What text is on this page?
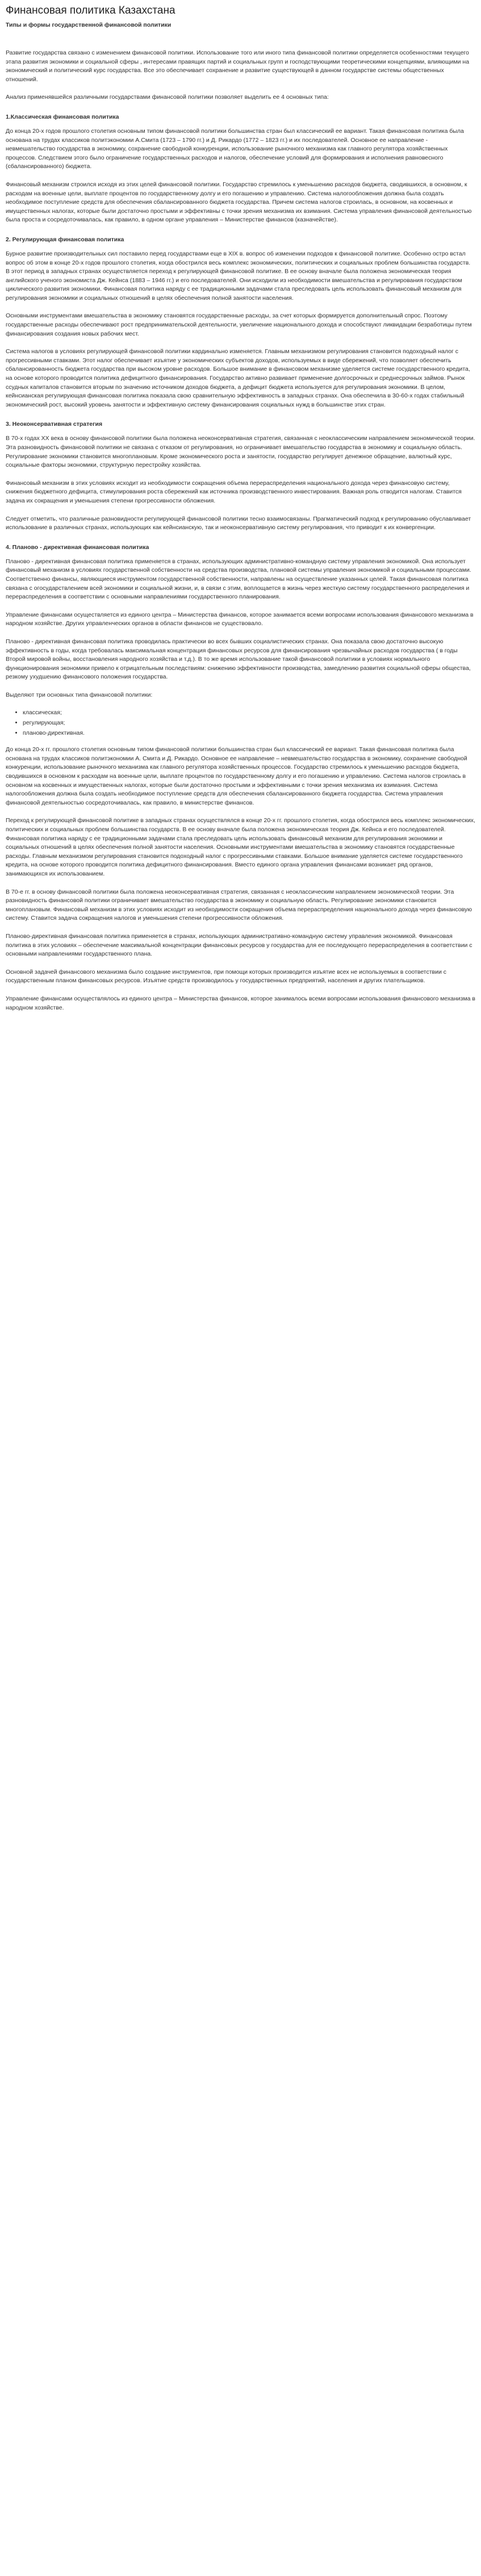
Финансовая политика Казахстана
Типы и формы государственной финансовой политики

Развитие государства связано с изменением финансовой политики. Использование того или иного типа финансовой политики определяется особенностями текущего этапа развития экономики и социальной сферы , интересами правящих партий и социальных групп и господствующими теоретическими концепциями, влияющими на экономический и политический курс государства. Все это обеспечивает сохранение и развитие существующей в данном государстве системы общественных отношений.

Анализ применявшейся различными государствами финансовой политики позволяет выделить ее 4 основных типа:

1.Классическая финансовая политика

До конца 20-х годов прошлого столетия основным типом финансовой политики большинства стран был классический ее вариант. Такая финансовая политика была основана на трудах классиков политэкономии А.Смита (1723 – 1790 гг.) и Д. Рикардо (1772 – 1823 гг.) и их последователей. Основное ее направление - невмешательство государства в экономику, сохранение свободной конкуренции, использование рыночного механизма как главного регулятора хозяйственных процессов. Следствием этого было ограничение государственных расходов и налогов, обеспечение условий для формирования и исполнения равновесного (сбалансированного) бюджета.

Финансовый механизм строился исходя из этих целей финансовой политики. Государство стремилось к уменьшению расходов бюджета, сводившихся, в основном, к расходам на военные цели, выплате процентов по государственному долгу и его погашению и управлению. Система налогообложения должна была создать необходимое поступление средств для обеспечения сбалансированного бюджета государства. Причем система налогов строилась, в основном, на косвенных и имущественных налогах, которые были достаточно простыми и эффективны с точки зрения механизма их взимания. Система управления финансовой деятельностью была проста и сосредоточивалась, как правило, в одном органе управления – Министерстве финансов (казначействе).

2. Регулирующая финансовая политика

Бурное развитие производительных сил поставило перед государствами еще в XIX в. вопрос об изменении подходов к финансовой политике. Особенно остро встал вопрос об этом в конце 20-х годов прошлого столетия, когда обострился весь комплекс экономических, политических и социальных проблем большинства государств. В этот период в западных странах осуществляется переход к регулирующей финансовой политике. В ее основу вначале была положена экономическая теория английского ученого экономиста Дж. Кейнса (1883 – 1946 гг.) и его последователей. Они исходили из необходимости вмешательства и регулирования государством циклического развития экономики. Финансовая политика наряду с ее традиционными задачами стала преследовать цель использовать финансовый механизм для регулирования экономики и социальных отношений в целях обеспечения полной занятости населения.

Основными инструментами вмешательства в экономику становятся государственные расходы, за счет которых формируется дополнительный спрос. Поэтому государственные расходы обеспечивают рост предпринимательской деятельности, увеличение национального дохода и способствуют ликвидации безработицы путем финансирования создания новых рабочих мест.

Система налогов в условиях регулирующей финансовой политики кардинально изменяется. Главным механизмом регулирования становится подоходный налог с прогрессивными ставками. Этот налог обеспечивает изъятие у экономических субъектов доходов, используемых в виде сбережений, что позволяет обеспечить сбалансированность бюджета государства при высоком уровне расходов. Большое внимание в финансовом механизме уделяется системе государственного кредита, на основе которого проводится политика дефицитного финансирования. Государство активно развивает применение долгосрочных и среднесрочных займов. Рынок ссудных капиталов становится вторым по значению источником доходов бюджета, а дефицит бюджета используется для регулирования экономики. В целом, кейнсианская регулирующая финансовая политика показала свою сравнительную эффективность в западных странах. Она обеспечила в 30-60-х годах стабильный экономический рост, высокий уровень занятости и эффективную систему финансирования социальных нужд в большинстве этих стран.

3. Неоконсервативная стратегия

В 70-х годах XX века в основу финансовой политики была положена неоконсервативная стратегия, связанная с неоклассическим направлением экономической теории. Эта разновидность финансовой политики не связана с отказом от регулирования, но ограничивает вмешательство государства в экономику и социальную область. Регулирование экономики становится многоплановым. Кроме экономического роста и занятости, государство регулирует денежное обращение, валютный курс, социальные факторы экономики, структурную перестройку хозяйства.

Финансовый механизм в этих условиях исходит из необходимости сокращения объема перераспределения национального дохода через финансовую систему, снижения бюджетного дефицита, стимулирования роста сбережений как источника производственного инвестирования. Важная роль отводится налогам. Ставится задача их сокращения и уменьшения степени прогрессивности обложения.

Следует отметить, что различные разновидности регулирующей финансовой политики тесно взаимосвязаны. Прагматический подход к регулированию обуславливает использование в различных странах, использующих как кейнсианскую, так и неоконсервативную систему регулирования, что приводит к их конвергенции.

4. Планово - директивная финансовая политика

Планово - директивная финансовая политика применяется в странах, использующих административно-командную систему управления экономикой. Она использует финансовый механизм в условиях государственной собственности на средства производства, плановой системы управления экономикой и социальными процессами. Соответственно финансы, являющиеся инструментом государственной собственности, направлены на осуществление указанных целей. Такая финансовая политика связана с огосударствлением всей экономики и социальной жизни, и, в связи с этим, воплощается в жизнь через жесткую систему государственного распределения и перераспределения в соответствии с основными направлениями государственного планирования.

Управление финансами осуществляется из единого центра – Министерства финансов, которое занимается всеми вопросами использования финансового механизма в народном хозяйстве. Других управленческих органов в области финансов не существовало.

Планово - директивная финансовая политика проводилась практически во всех бывших социалистических странах. Она показала свою достаточно высокую эффективность в годы, когда требовалась максимальная концентрация финансовых ресурсов для финансирования чрезвычайных расходов государства ( в годы Второй мировой войны, восстановления народного хозяйства и т.д.). В то же время использование такой финансовой политики в условиях нормального функционирования экономики привело к отрицательным последствиям: снижению эффективности производства, замедлению развития социальной сферы общества, резкому ухудшению финансового положения государства.

Выделяют три основных типа финансовой политики:

• классическая;
• регулирующая;
• планово-директивная.

До конца 20-х гг. прошлого столетия основным типом финансовой политики большинства стран был классический ее вариант. Такая финансовая политика была основана на трудах классиков политэкономии А. Смита и Д. Рикардо. Основное ее направление – невмешательство государства в экономику, сохранение свободной конкуренции, использование рыночного механизма как главного регулятора хозяйственных процессов. Государство стремилось к уменьшению расходов бюджета, сводившихся в основном к расходам на военные цели, выплате процентов по государственному долгу и его погашению и управлению. Система налогов строилась в основном на косвенных и имущественных налогах, которые были достаточно простыми и эффективными с точки зрения механизма их взимания. Система налогообложения должна была создать необходимое поступление средств для обеспечения сбалансированного бюджета государства. Система управления финансовой деятельностью сосредоточивалась, как правило, в министерстве финансов.

Переход к регулирующей финансовой политике в западных странах осуществлялся в конце 20-х гг. прошлого столетия, когда обострился весь комплекс экономических, политических и социальных проблем большинства государств. В ее основу вначале была положена экономическая теория Дж. Кейнса и его последователей. Финансовая политика наряду с ее традиционными задачами стала преследовать цель использовать финансовый механизм для регулирования экономики и социальных отношений в целях обеспечения полной занятости населения. Основными инструментами вмешательства в экономику становятся государственные расходы. Главным механизмом регулирования становится подоходный налог с прогрессивными ставками. Большое внимание уделяется системе государственного кредита, на основе которого проводится политика дефицитного финансирования. Вместо единого органа управления финансами возникает ряд органов, занимающихся их использованием.

В 70-е гг. в основу финансовой политики была положена неоконсервативная стратегия, связанная с неоклассическим направлением экономической теории. Эта разновидность финансовой политики ограничивает вмешательство государства в экономику и социальную область. Регулирование экономики становится многоплановым. Финансовый механизм в этих условиях исходит из необходимости сокращения объема перераспределения национального дохода через финансовую систему. Ставится задача сокращения налогов и уменьшения степени прогрессивности обложения.

Планово-директивная финансовая политика применяется в странах, использующих административно-командную систему управления экономикой. Финансовая политика в этих условиях – обеспечение максимальной концентрации финансовых ресурсов у государства для ее последующего перераспределения в соответствии с основными направлениями государственного плана.

Основной задачей финансового механизма было создание инструментов, при помощи которых производится изъятие всех не используемых в соответствии с государственным планом финансовых ресурсов. Изъятие средств производилось у государственных предприятий, населения и других плательщиков.

Управление финансами осуществлялось из единого центра – Министерства финансов, которое занималось всеми вопросами использования финансового механизма в народном хозяйстве.
